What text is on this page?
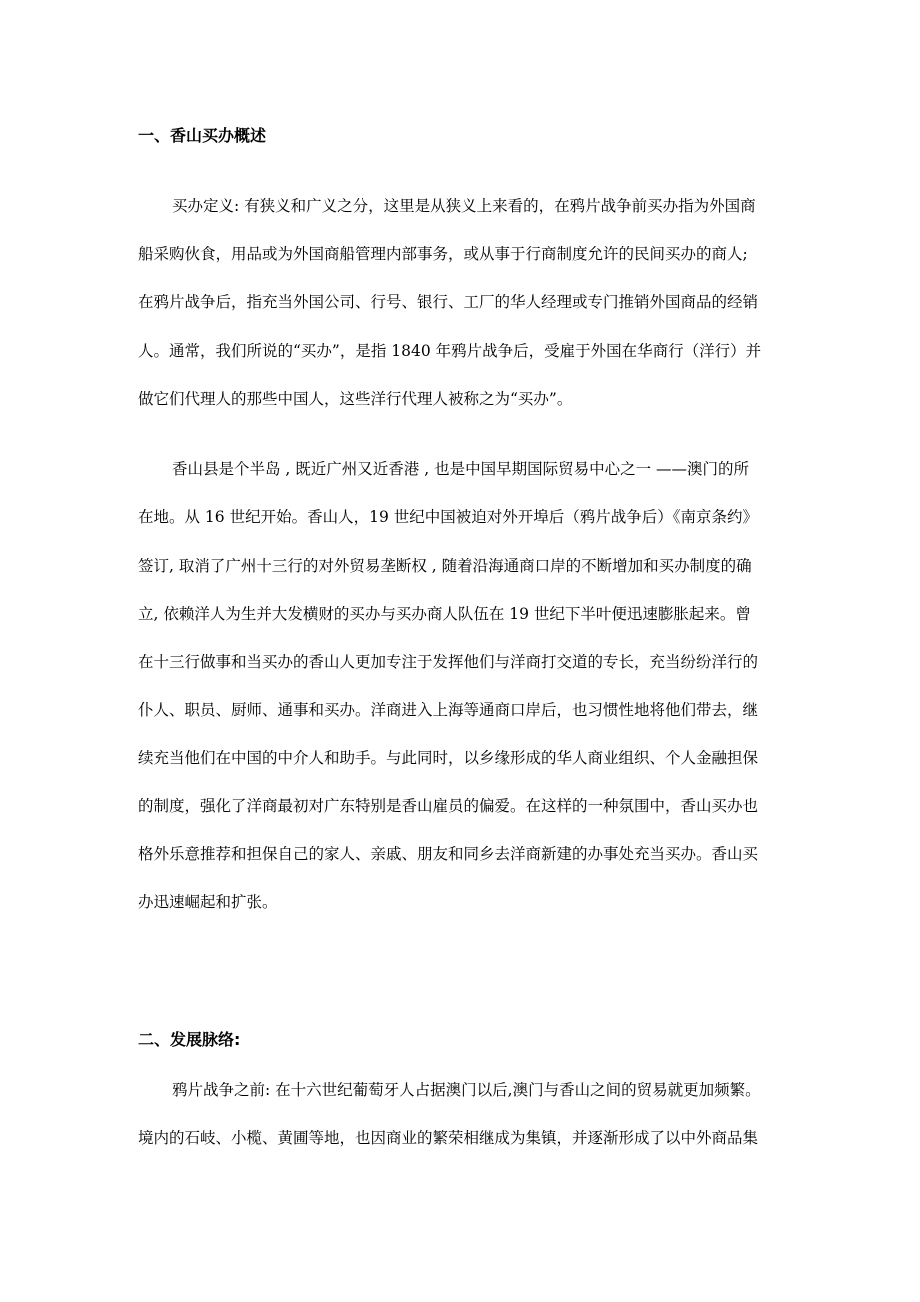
一、香山买办概述
买办定义: 有狭义和广义之分，这里是从狭义上来看的，在鸦片战争前买办指为外国商
船采购伙食，用品或为外国商船管理内部事务，或从事于行商制度允许的民间买办的商人;
在鸦片战争后，指充当外国公司、行号、银行、工厂的华人经理或专门推销外国商品的经销
人。通常，我们所说的“买办”，是指 1840 年鸦片战争后，受雇于外国在华商行（洋行）并
做它们代理人的那些中国人，这些洋行代理人被称之为“买办”。
香山县是个半岛 , 既近广州又近香港 , 也是中国早期国际贸易中心之一 ——澳门的所
在地。从 16 世纪开始。香山人，19 世纪中国被迫对外开埠后（鸦片战争后）《南京条约》
签订, 取消了广州十三行的对外贸易垄断权 , 随着沿海通商口岸的不断增加和买办制度的确
立, 依赖洋人为生并大发横财的买办与买办商人队伍在 19 世纪下半叶便迅速膨胀起来。曾
在十三行做事和当买办的香山人更加专注于发挥他们与洋商打交道的专长，充当纷纷洋行的
仆人、职员、厨师、通事和买办。洋商进入上海等通商口岸后，也习惯性地将他们带去，继
续充当他们在中国的中介人和助手。与此同时，以乡缘形成的华人商业组织、个人金融担保
的制度，强化了洋商最初对广东特别是香山雇员的偏爱。在这样的一种氛围中，香山买办也
格外乐意推荐和担保自己的家人、亲戚、朋友和同乡去洋商新建的办事处充当买办。香山买
办迅速崛起和扩张。
二、发展脉络:
鸦片战争之前: 在十六世纪葡萄牙人占据澳门以后,澳门与香山之间的贸易就更加频繁。
境内的石岐、小榄、黄圃等地，也因商业的繁荣相继成为集镇，并逐渐形成了以中外商品集
